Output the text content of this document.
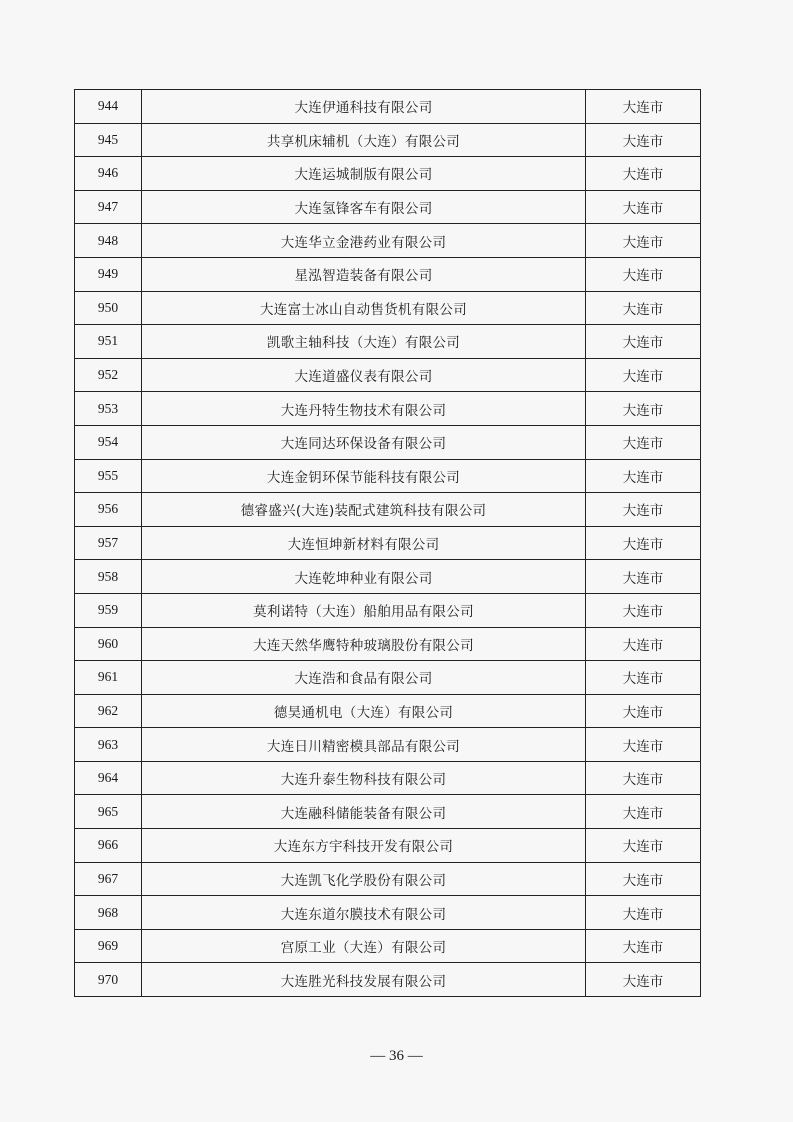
944	大连伊通科技有限公司	大连市
945	共享机床辅机（大连）有限公司	大连市
946	大连运城制版有限公司	大连市
947	大连氢锋客车有限公司	大连市
948	大连华立金港药业有限公司	大连市
949	星泓智造装备有限公司	大连市
950	大连富士冰山自动售货机有限公司	大连市
951	凯歌主轴科技（大连）有限公司	大连市
952	大连道盛仪表有限公司	大连市
953	大连丹特生物技术有限公司	大连市
954	大连同达环保设备有限公司	大连市
955	大连金钥环保节能科技有限公司	大连市
956	德睿盛兴(大连)装配式建筑科技有限公司	大连市
957	大连恒坤新材料有限公司	大连市
958	大连乾坤种业有限公司	大连市
959	莫利诺特（大连）船舶用品有限公司	大连市
960	大连天然华鹰特种玻璃股份有限公司	大连市
961	大连浩和食品有限公司	大连市
962	德昊通机电（大连）有限公司	大连市
963	大连日川精密模具部品有限公司	大连市
964	大连升泰生物科技有限公司	大连市
965	大连融科储能装备有限公司	大连市
966	大连东方宇科技开发有限公司	大连市
967	大连凯飞化学股份有限公司	大连市
968	大连东道尔膜技术有限公司	大连市
969	宫原工业（大连）有限公司	大连市
970	大连胜光科技发展有限公司	大连市
— 36 —
